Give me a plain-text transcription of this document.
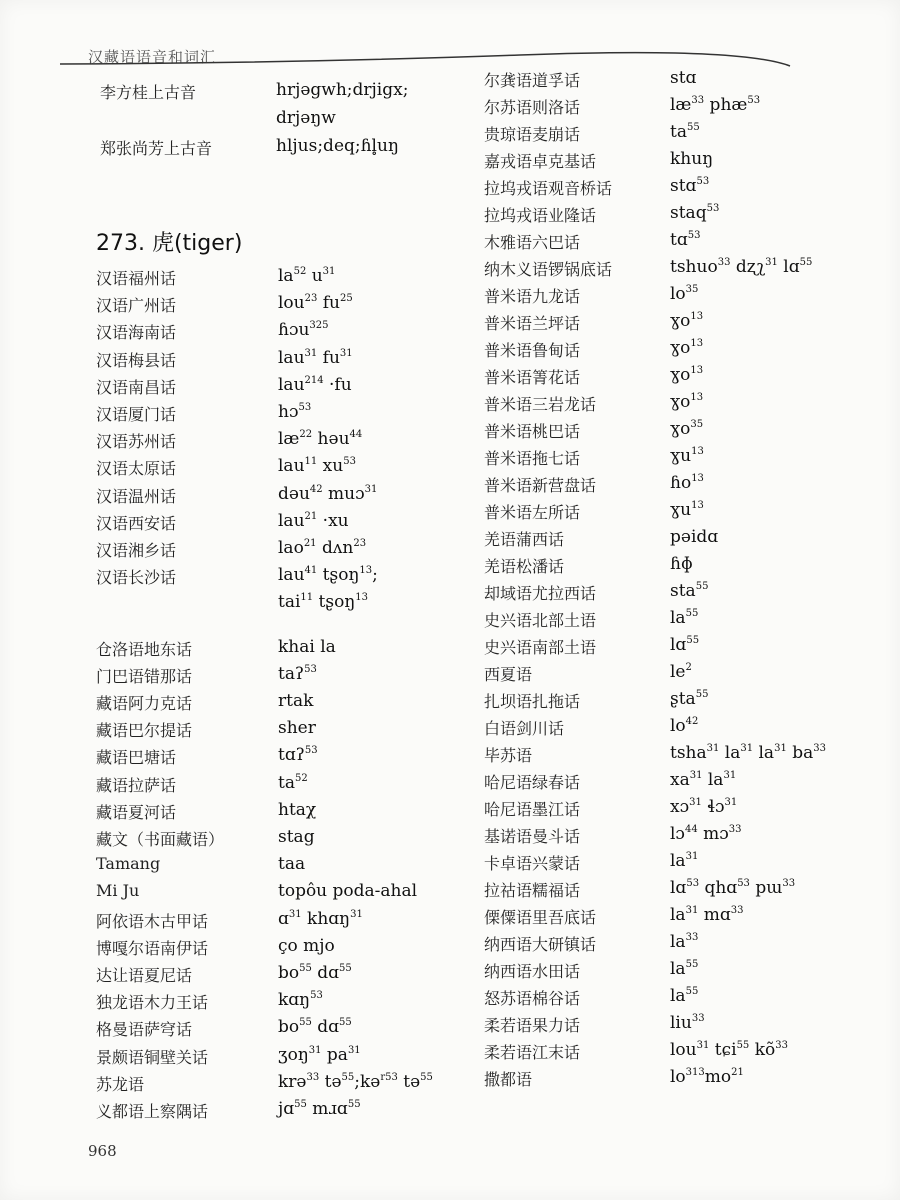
汉藏语语音和词汇
李方桂上古音	hrjəgwh;drjigx;
drjəŋw
郑张尚芳上古音	hljus;deq;ɦl̥uŋ
273. 虎(tiger)
汉语福州话	$la^{52}$ $u^{31}$
汉语广州话	lou$^{23}$ $fu^{25}$
汉语海南话	ɦɔu$^{325}$
汉语梅县话	lau$^{31}$ $fu^{31}$
汉语南昌话	lau$^{214}$ ·fu
汉语厦门话	hɔ$^{53}$
汉语苏州话	$læ^{22}$ həu$^{44}$
汉语太原话	lau$^{11}$ $xu^{53}$
汉语温州话	dəu$^{42}$ muɔ$^{31}$
汉语西安话	lau$^{21}$ ·xu
汉语湘乡话	lao$^{21}$ dʌn$^{23}$
汉语长沙话	lau$^{41}$ tʂoŋ$^{13}$;
tai$^{11}$ tʂoŋ$^{13}$
仓洛语地东话	khai la
门巴语错那话	taʔ$^{53}$
藏语阿力克话	rtak
藏语巴尔提话	sher
藏语巴塘话	tɑʔ$^{53}$
藏语拉萨话	$ta^{52}$
藏语夏河话	htaχ
藏文（书面藏语）	stag
Tamang	taa
Mi Ju	topôu poda-ahal
阿依语木古甲话	ɑ$^{31}$ khɑŋ$^{31}$
博嘎尔语南伊话	ço mjo
达让语夏尼话	$bo^{55}$ dɑ$^{55}$
独龙语木力王话	kɑŋ$^{53}$
格曼语萨穹话	$bo^{55}$ dɑ$^{55}$
景颇语铜壁关话	ʒoŋ$^{31}$ $pa^{31}$
苏龙语	krə$^{33}$ tə$^{55}$;kə$^{r53}$ tə$^{55}$
义都语上察隅话	jɑ$^{55}$ mɹɑ$^{55}$
尔龚语道孚话	stɑ
尔苏语则洛话	$læ^{33}$ phæ$^{53}$
贵琼语麦崩话	$ta^{55}$
嘉戎语卓克基话	khuŋ
拉坞戎语观音桥话	stɑ$^{53}$
拉坞戎语业隆话	staq$^{53}$
木雅语六巴话	tɑ$^{53}$
纳木义语锣锅底话	tshuo$^{33}$ dʐʅ$^{31}$ lɑ$^{55}$
普米语九龙话	$lo^{35}$
普米语兰坪话	ɣo$^{13}$
普米语鲁甸话	ɣo$^{13}$
普米语箐花话	ɣo$^{13}$
普米语三岩龙话	ɣo$^{13}$
普米语桃巴话	ɣo$^{35}$
普米语拖七话	ɣu$^{13}$
普米语新营盘话	ɦo$^{13}$
普米语左所话	ɣu$^{13}$
羌语蒲西话	pəidɑ
羌语松潘话	ɦɸ
却域语尤拉西话	sta$^{55}$
史兴语北部土语	$la^{55}$
史兴语南部土语	lɑ$^{55}$
西夏语	$le^2$
扎坝语扎拖话	ʂta$^{55}$
白语剑川话	$lo^{42}$
毕苏语	tsha$^{31}$ $la^{31}$ $la^{31}$ $ba^{33}$
哈尼语绿春话	$xa^{31}$ $la^{31}$
哈尼语墨江话	xɔ$^{31}$ ɬɔ$^{31}$
基诺语曼斗话	lɔ$^{44}$ mɔ$^{33}$
卡卓语兴蒙话	$la^{31}$
拉祜语糯福话	lɑ$^{53}$ qhɑ$^{53}$ pɯ$^{33}$
傈僳语里吾底话	$la^{31}$ mɑ$^{33}$
纳西语大研镇话	$la^{33}$
纳西语水田话	$la^{55}$
怒苏语棉谷话	$la^{55}$
柔若语果力话	liu$^{33}$
柔若语江末话	lou$^{31}$ tɕi$^{55}$ $kõ^{33}$
撒都语	$lo^{313}mo^{21}$
968
